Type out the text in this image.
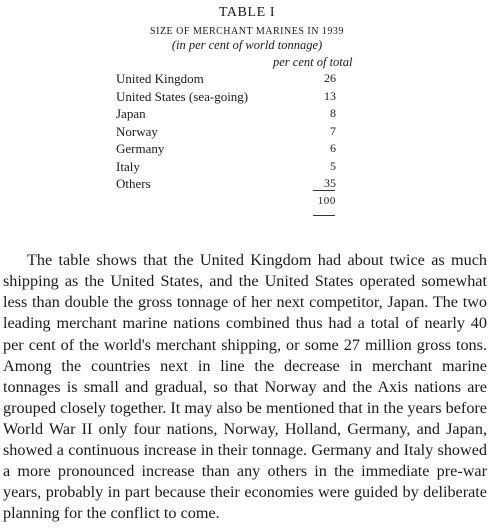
TABLE I
SIZE OF MERCHANT MARINES IN 1939
(in per cent of world tonnage)
per cent of total
United Kingdom	26
United States (sea-going)	13
Japan	8
Norway	7
Germany	6
Italy	5
Others	35
100

The table shows that the United Kingdom had about twice as much shipping as the United States, and the United States operated somewhat less than double the gross tonnage of her next competitor, Japan. The two leading merchant marine nations combined thus had a total of nearly 40 per cent of the world's merchant shipping, or some 27 million gross tons. Among the countries next in line the decrease in merchant marine tonnages is small and gradual, so that Norway and the Axis nations are grouped closely together. It may also be mentioned that in the years before World War II only four nations, Norway, Holland, Germany, and Japan, showed a continuous increase in their tonnage. Germany and Italy showed a more pronounced increase than any others in the immediate pre-war years, probably in part because their economies were guided by deliberate planning for the conflict to come.
